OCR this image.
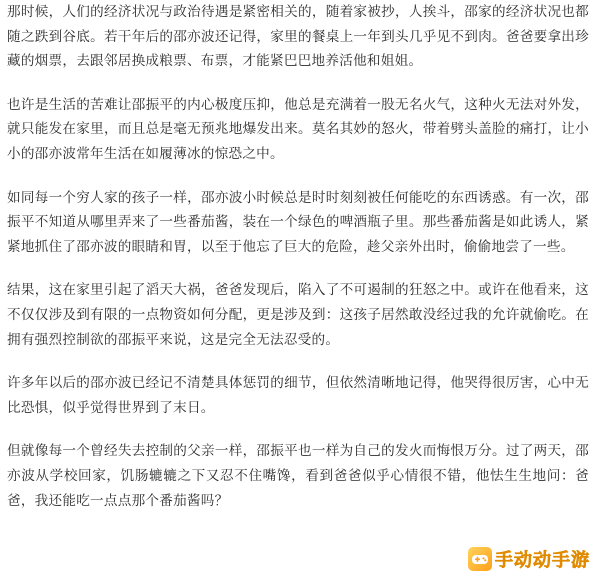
那时候，人们的经济状况与政治待遇是紧密相关的，随着家被抄，人挨斗，邵家的经济状况也都随之跌到谷底。若干年后的邵亦波还记得，家里的餐桌上一年到头几乎见不到肉。爸爸要拿出珍藏的烟票，去跟邻居换成粮票、布票，才能紧巴巴地养活他和姐姐。

也许是生活的苦难让邵振平的内心极度压抑，他总是充满着一股无名火气，这种火无法对外发，就只能发在家里，而且总是毫无预兆地爆发出来。莫名其妙的怒火，带着劈头盖脸的痛打，让小小的邵亦波常年生活在如履薄冰的惊恐之中。

如同每一个穷人家的孩子一样，邵亦波小时候总是时时刻刻被任何能吃的东西诱惑。有一次，邵振平不知道从哪里弄来了一些番茄酱，装在一个绿色的啤酒瓶子里。那些番茄酱是如此诱人，紧紧地抓住了邵亦波的眼睛和胃，以至于他忘了巨大的危险，趁父亲外出时，偷偷地尝了一些。

结果，这在家里引起了滔天大祸，爸爸发现后，陷入了不可遏制的狂怒之中。或许在他看来，这不仅仅涉及到有限的一点物资如何分配，更是涉及到：这孩子居然敢没经过我的允许就偷吃。在拥有强烈控制欲的邵振平来说，这是完全无法忍受的。

许多年以后的邵亦波已经记不清楚具体惩罚的细节，但依然清晰地记得，他哭得很厉害，心中无比恐惧，似乎觉得世界到了末日。

但就像每一个曾经失去控制的父亲一样，邵振平也一样为自己的发火而悔恨万分。过了两天，邵亦波从学校回家，饥肠辘辘之下又忍不住嘴馋，看到爸爸似乎心情很不错，他怯生生地问：爸爸，我还能吃一点点那个番茄酱吗？

手动动手游
